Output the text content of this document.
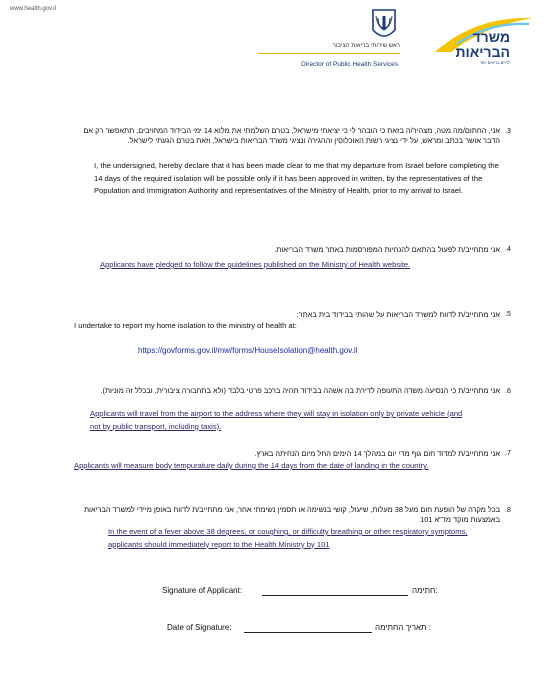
www.health.gov.il
משרד
הבריאות
לחיים בריאים יותר
ראש שירותי בריאות הציבור
Director of Public Health Services
.3
אני, החתום/מה מטה, מצהיר/ה בזאת כי הובהר לי כי יציאתי מישראל, בטרם השלמתי את מלוא 14 ימי הבידוד המחויבים, תתאפשר רק אם הדבר אושר בכתב ומראש, על ידי נציגי רשות האוכלוסין וההגירה ונציגי משרד הבריאות בישראל, וזאת בטרם הגעתי לישראל.
I, the undersigned, hereby declare that it has been made clear to me that my departure from Israel before completing the 14 days of the required isolation will be possible only if it has been approved in written, by the representatives of the Population and Immigration Authority and representatives of the Ministry of Health, prior to my arrival to Israel.
.4
אני מתחייב/ת לפעול בהתאם להנחיות המפורסמות באתר משרד הבריאות.
Applicants have pledged to follow the guidelines published on the Ministry of Health website.
.5
אני מתחייב/ת לדווח למשרד הבריאות על שהותי בבידוד בית באתר:
I undertake to report my home isolation to the ministry of health at:
https://govforms.gov.il/mw/forms/HouseIsolation@health.gov.il
.6
אני מתחייב/ת כי הנסיעה משדה התעופה לדירת בה אשהה בבידוד תהיה ברכב פרטי בלבד (ולא בתחבורה ציבורית, ובכלל זה מוניות).
Applicants will travel from the airport to the address where they will stay in isolation only by private vehicle (and not by public transport, including taxis).
.7
אני מתחייב/ת למדוד חום גוף מדי יום במהלך 14 הימים החל מיום הנחיתה בארץ.
Applicants will measure body tempurature daily during the 14 days from the date of landing in the country.
.8
בכל מקרה של הופעת חום מעל 38 מעלות, שיעול, קושי בנשימה או תסמין נשימתי אחר, אני מתחייב/ת לדווח באופן מיידי למשרד הבריאות באמצעות מוקד מד"א 101
In the event of a fever above 38 degrees, or coughing, or difficulty breathing or other respiratory symptoms, applicants should immediately report to the Health Ministry by 101
Signature of Applicant:	:חתימה
Date of Signature:	: תאריך החתימה
